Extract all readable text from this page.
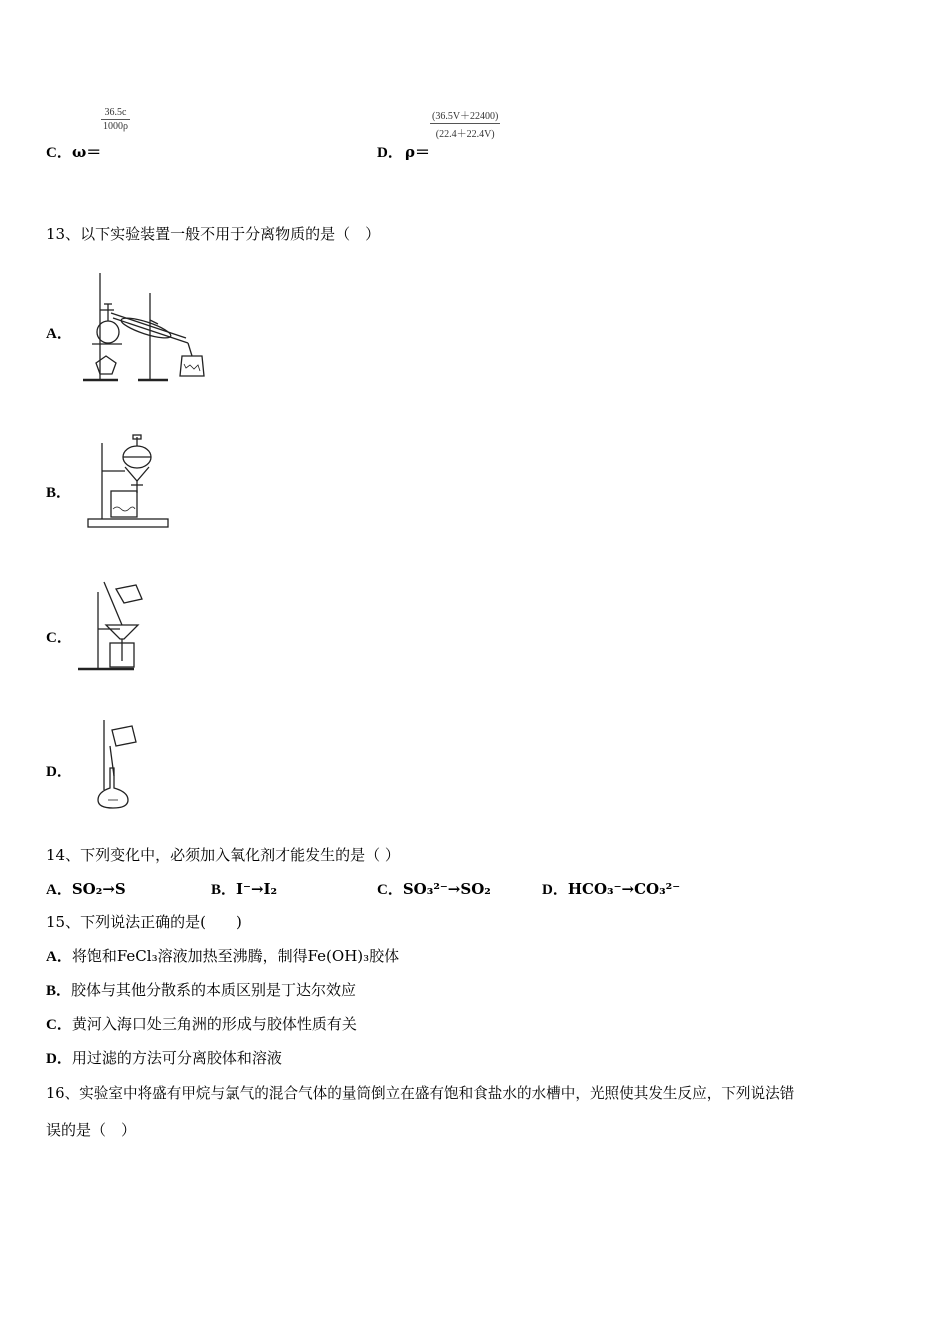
C． ω＝
36.5c
1000ρ
D． ρ＝
(36.5V＋22400)
(22.4＋22.4V)
13、以下实验装置一般不用于分离物质的是（　）
A．
B．
C．
D．
14、下列变化中，必须加入氧化剂才能发生的是（ ）
A．SO₂→S	B．I⁻→I₂	C．SO₃²⁻→SO₂	D．HCO₃⁻→CO₃²⁻
15、下列说法正确的是(　　)
A．将饱和FeCl₃溶液加热至沸腾，制得Fe(OH)₃胶体
B．胶体与其他分散系的本质区别是丁达尔效应
C．黄河入海口处三角洲的形成与胶体性质有关
D．用过滤的方法可分离胶体和溶液
16、实验室中将盛有甲烷与氯气的混合气体的量筒倒立在盛有饱和食盐水的水槽中，光照使其发生反应，下列说法错
误的是（　）
